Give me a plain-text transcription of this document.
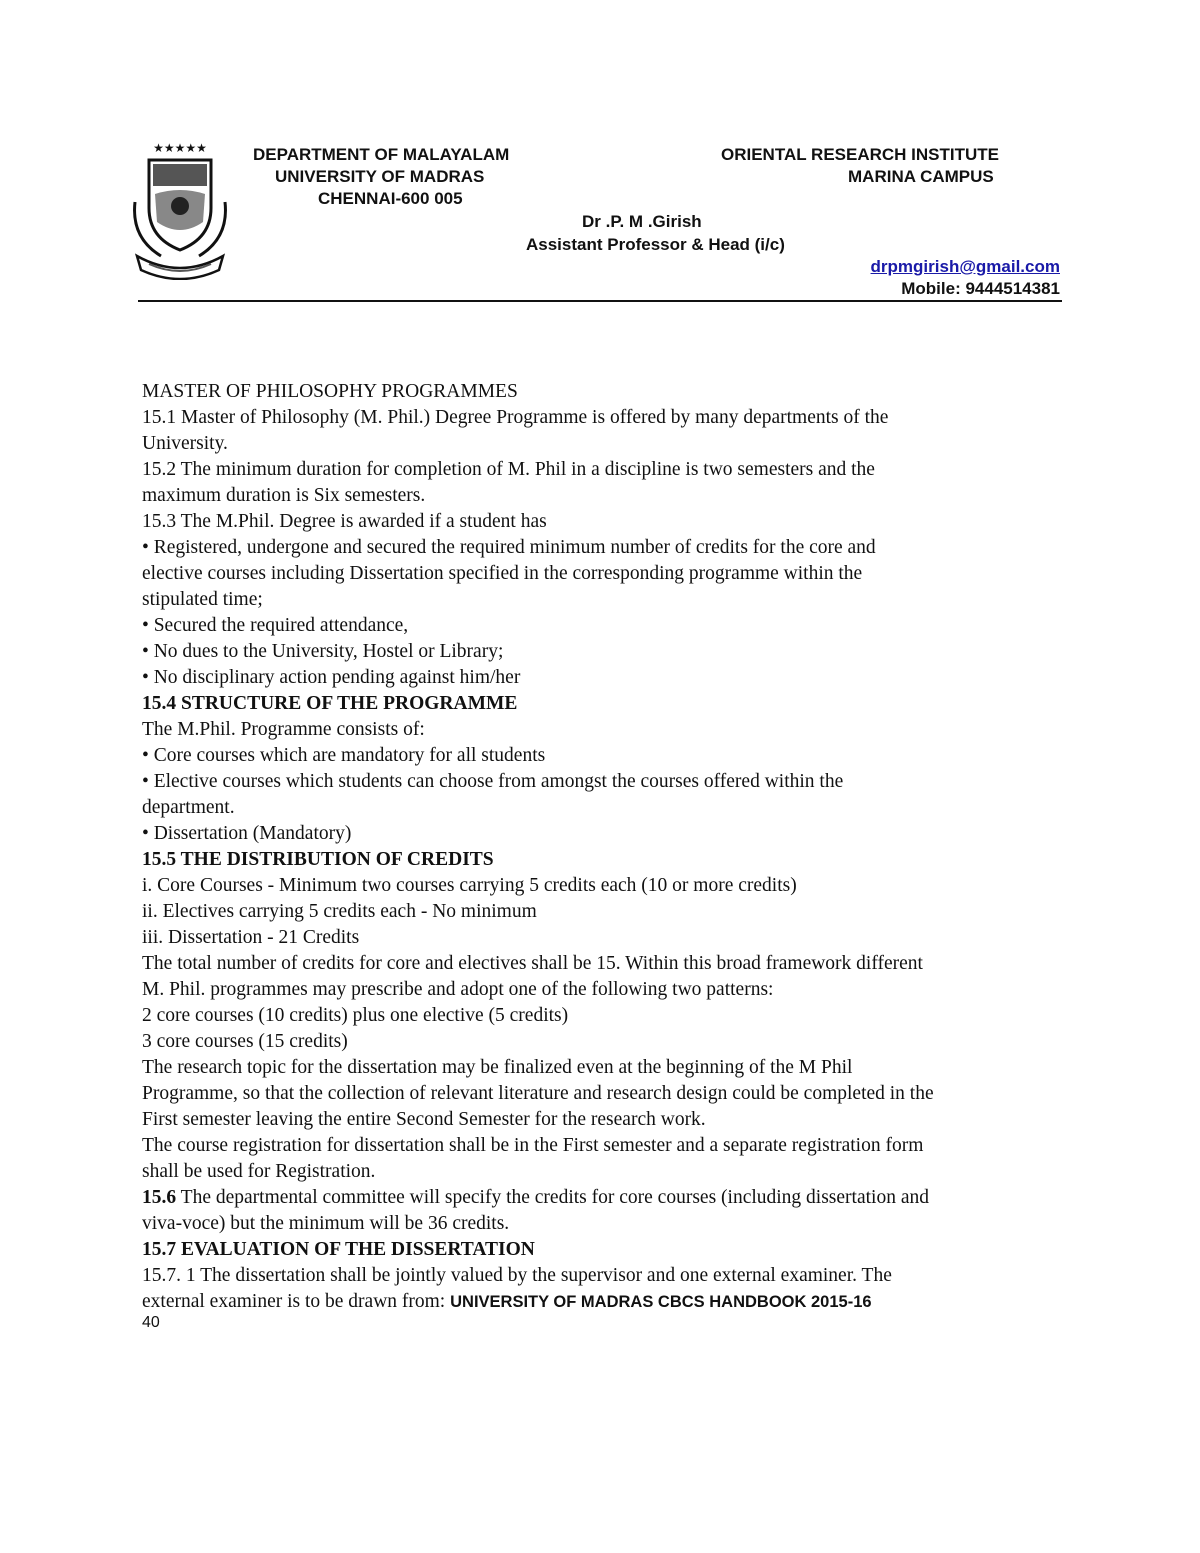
★★★★★	DEPARTMENT OF MALAYALAM
UNIVERSITY OF MADRAS
CHENNAI-600 005
ORIENTAL RESEARCH INSTITUTE
MARINA CAMPUS
Dr .P. M .Girish
Assistant Professor & Head (i/c)
drpmgirish@gmail.com
Mobile: 9444514381

MASTER OF PHILOSOPHY PROGRAMMES

15.1 Master of Philosophy (M. Phil.) Degree Programme is offered by many departments of the

University.

15.2 The minimum duration for completion of M. Phil in a discipline is two semesters and the

maximum duration is Six semesters.

15.3 The M.Phil. Degree is awarded if a student has

• Registered, undergone and secured the required minimum number of credits for the core and

elective courses including Dissertation specified in the corresponding programme within the

stipulated time;

• Secured the required attendance,

• No dues to the University, Hostel or Library;

• No disciplinary action pending against him/her

15.4 STRUCTURE OF THE PROGRAMME

The M.Phil. Programme consists of:

• Core courses which are mandatory for all students

• Elective courses which students can choose from amongst the courses offered within the

department.

• Dissertation (Mandatory)

15.5 THE DISTRIBUTION OF CREDITS

i. Core Courses - Minimum two courses carrying 5 credits each (10 or more credits)

ii. Electives carrying 5 credits each - No minimum

iii. Dissertation - 21 Credits

The total number of credits for core and electives shall be 15. Within this broad framework different

M. Phil. programmes may prescribe and adopt one of the following two patterns:

2 core courses (10 credits) plus one elective (5 credits)

3 core courses (15 credits)

The research topic for the dissertation may be finalized even at the beginning of the M Phil

Programme, so that the collection of relevant literature and research design could be completed in the

First semester leaving the entire Second Semester for the research work.

The course registration for dissertation shall be in the First semester and a separate registration form

shall be used for Registration.

15.6 The departmental committee will specify the credits for core courses (including dissertation and

viva-voce) but the minimum will be 36 credits.

15.7 EVALUATION OF THE DISSERTATION

15.7. 1 The dissertation shall be jointly valued by the supervisor and one external examiner. The

external examiner is to be drawn from: UNIVERSITY OF MADRAS CBCS HANDBOOK 2015-16

40
